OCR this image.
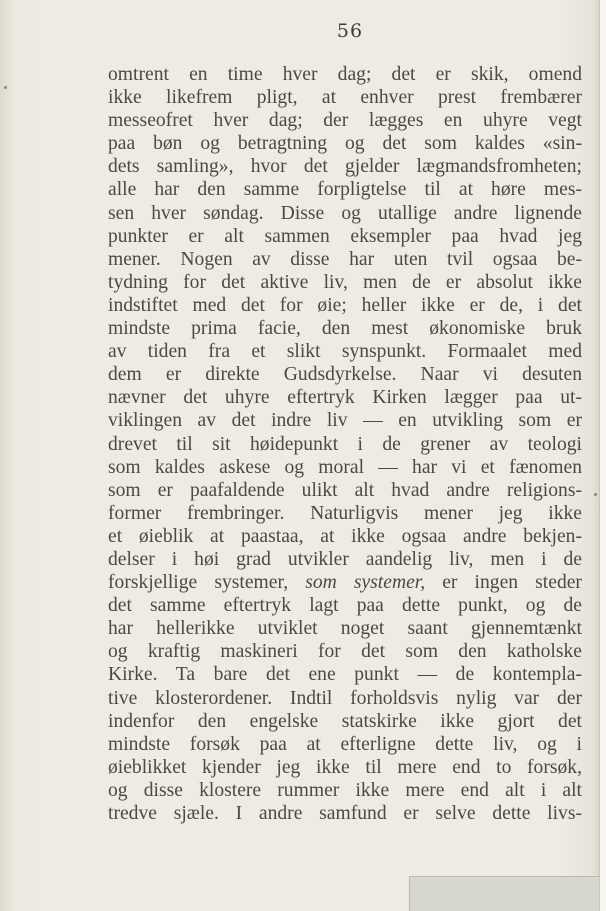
56
omtrent en time hver dag; det er skik, omend
ikke likefrem pligt, at enhver prest frembærer
messeofret hver dag; der lægges en uhyre vegt
paa bøn og betragtning og det som kaldes «sin-
dets samling», hvor det gjelder lægmandsfromheten;
alle har den samme forpligtelse til at høre mes-
sen hver søndag. Disse og utallige andre lignende
punkter er alt sammen eksempler paa hvad jeg
mener. Nogen av disse har uten tvil ogsaa be-
tydning for det aktive liv, men de er absolut ikke
indstiftet med det for øie; heller ikke er de, i det
mindste prima facie, den mest økonomiske bruk
av tiden fra et slikt synspunkt. Formaalet med
dem er direkte Gudsdyrkelse. Naar vi desuten
nævner det uhyre eftertryk Kirken lægger paa ut-
viklingen av det indre liv — en utvikling som er
drevet til sit høidepunkt i de grener av teologi
som kaldes askese og moral — har vi et fænomen
som er paafaldende ulikt alt hvad andre religions-
former frembringer. Naturligvis mener jeg ikke
et øieblik at paastaa, at ikke ogsaa andre bekjen-
delser i høi grad utvikler aandelig liv, men i de
forskjellige systemer, som systemer, er ingen steder
det samme eftertryk lagt paa dette punkt, og de
har hellerikke utviklet noget saant gjennemtænkt
og kraftig maskineri for det som den katholske
Kirke. Ta bare det ene punkt — de kontempla-
tive klosterordener. Indtil forholdsvis nylig var der
indenfor den engelske statskirke ikke gjort det
mindste forsøk paa at efterligne dette liv, og i
øieblikket kjender jeg ikke til mere end to forsøk,
og disse klostere rummer ikke mere end alt i alt
tredve sjæle. I andre samfund er selve dette livs-
